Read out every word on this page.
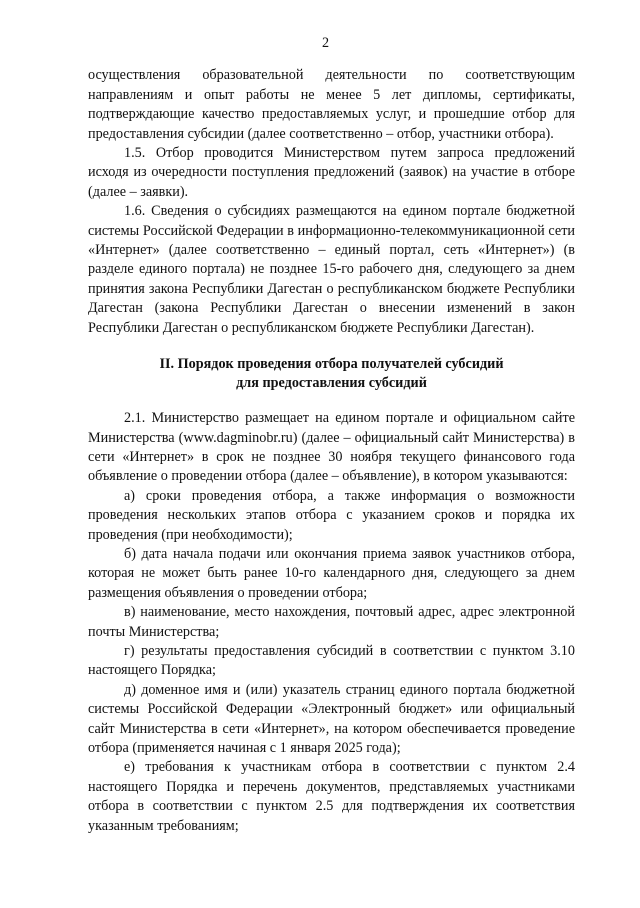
2

осуществления образовательной деятельности по соответствующим направлениям и опыт работы не менее 5 лет дипломы, сертификаты, подтверждающие качество предоставляемых услуг, и прошедшие отбор для предоставления субсидии (далее соответственно – отбор, участники отбора).

1.5. Отбор проводится Министерством путем запроса предложений исходя из очередности поступления предложений (заявок) на участие в отборе (далее – заявки).

1.6. Сведения о субсидиях размещаются на едином портале бюджетной системы Российской Федерации в информационно-телекоммуникационной сети «Интернет» (далее соответственно – единый портал, сеть «Интернет») (в разделе единого портала) не позднее 15-го рабочего дня, следующего за днем принятия закона Республики Дагестан о республиканском бюджете Республики Дагестан (закона Республики Дагестан о внесении изменений в закон Республики Дагестан о республиканском бюджете Республики Дагестан).

II. Порядок проведения отбора получателей субсидий
для предоставления субсидий

2.1. Министерство размещает на едином портале и официальном сайте Министерства (www.dagminobr.ru) (далее – официальный сайт Министерства) в сети «Интернет» в срок не позднее 30 ноября текущего финансового года объявление о проведении отбора (далее – объявление), в котором указываются:

а) сроки проведения отбора, а также информация о возможности проведения нескольких этапов отбора с указанием сроков и порядка их проведения (при необходимости);

б) дата начала подачи или окончания приема заявок участников отбора, которая не может быть ранее 10-го календарного дня, следующего за днем размещения объявления о проведении отбора;

в) наименование, место нахождения, почтовый адрес, адрес электронной почты Министерства;

г) результаты предоставления субсидий в соответствии с пунктом 3.10 настоящего Порядка;

д) доменное имя и (или) указатель страниц единого портала бюджетной системы Российской Федерации «Электронный бюджет» или официальный сайт Министерства в сети «Интернет», на котором обеспечивается проведение отбора (применяется начиная с 1 января 2025 года);

е) требования к участникам отбора в соответствии с пунктом 2.4 настоящего Порядка и перечень документов, представляемых участниками отбора в соответствии с пунктом 2.5 для подтверждения их соответствия указанным требованиям;
